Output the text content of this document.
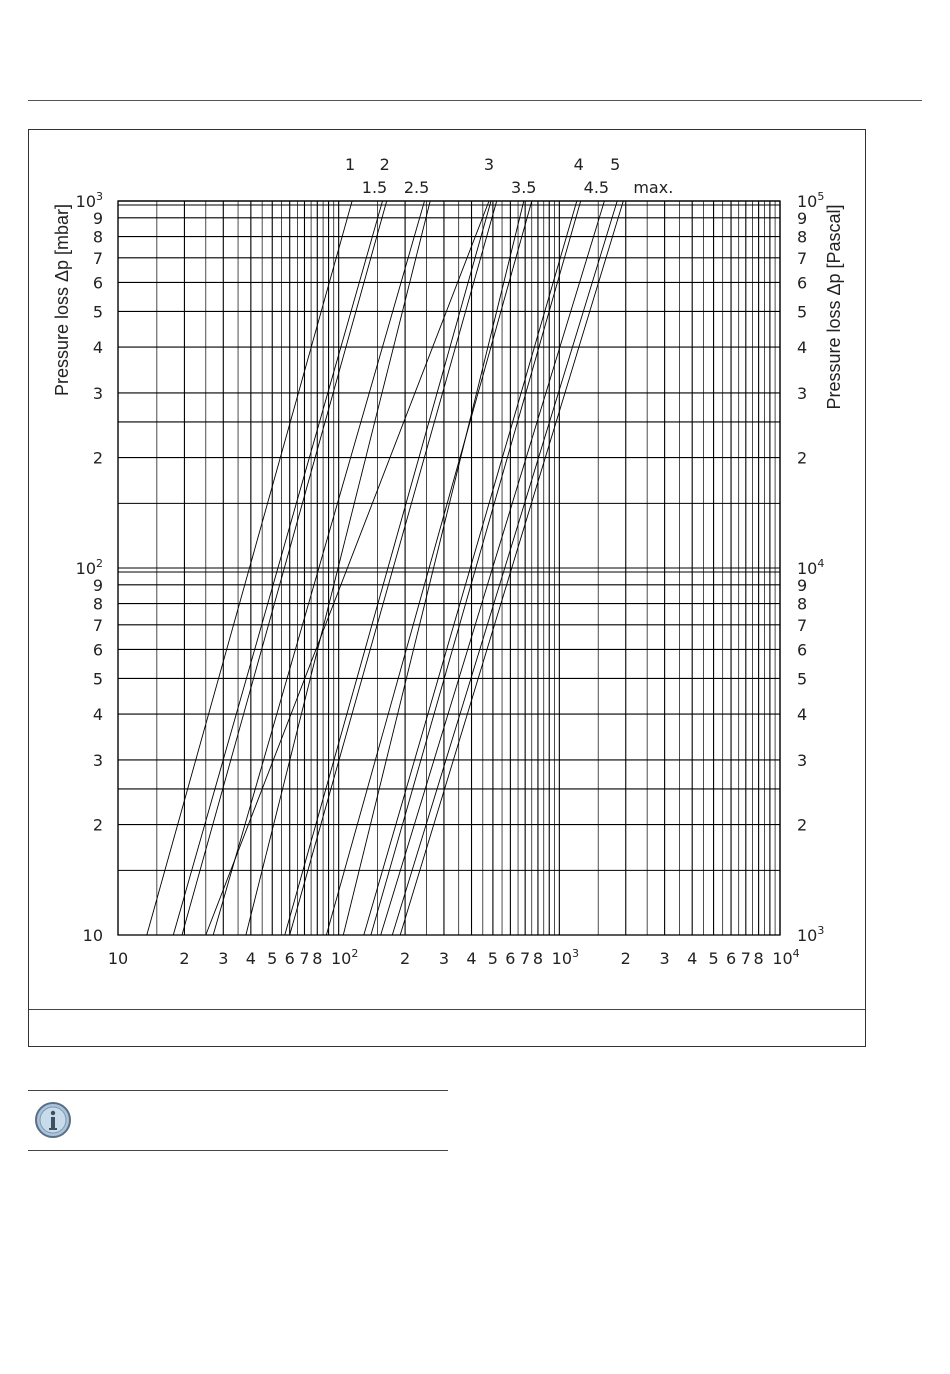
10	2 3 4 5 6 7 8 $10^2$	2 3 4 5 6 7 8 $10^3$	2 3 4 5 6 7 8 $10^4$
10
2
3
4
5
6
7
8
9
$10^2$
2
3
4
5
6
7
8
9
$10^3$
$10^3$
2
3
4
5
6
7
8
9
$10^4$
2
3
4
5
6
7
8
9
$10^5$
1
1.5
2
2.5
3
3.5
4
4.5
5
max.
Pressure loss Δp [mbar]	Pressure loss Δp [Pascal]
